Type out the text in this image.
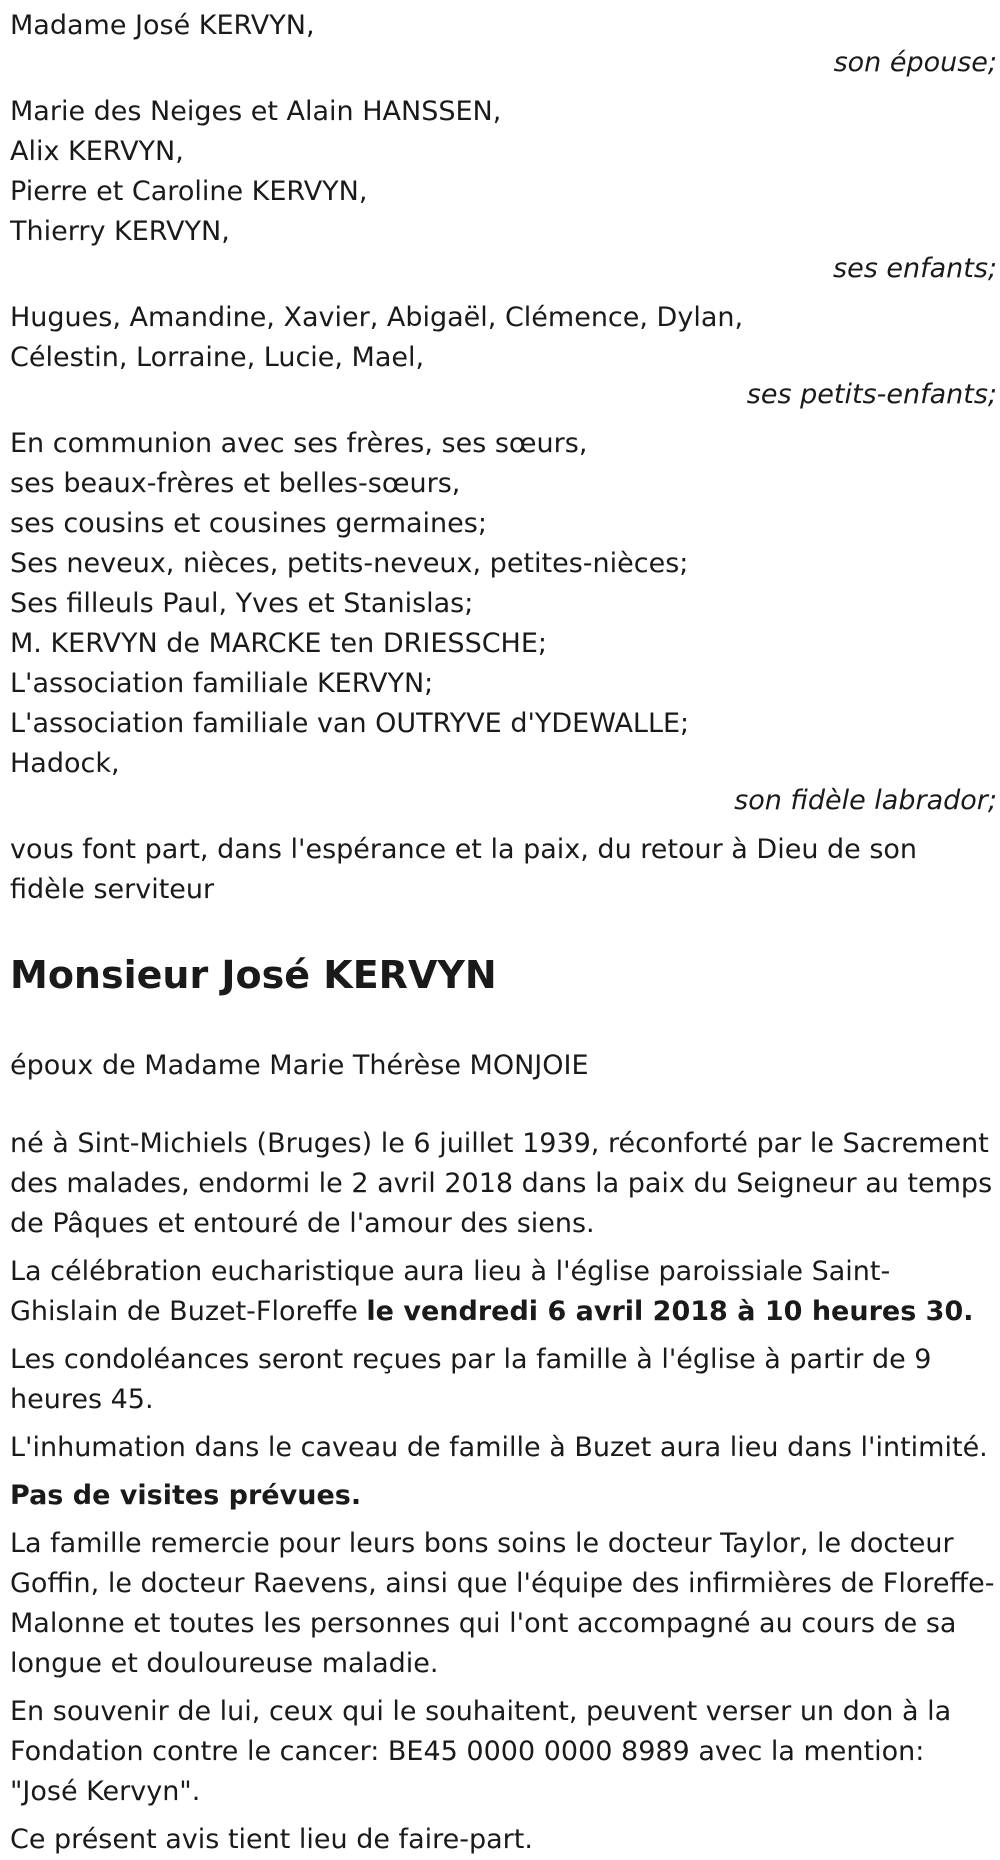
Madame José KERVYN,
son épouse;
Marie des Neiges et Alain HANSSEN,
Alix KERVYN,
Pierre et Caroline KERVYN,
Thierry KERVYN,
ses enfants;
Hugues, Amandine, Xavier, Abigaël, Clémence, Dylan,
Célestin, Lorraine, Lucie, Mael,
ses petits-enfants;
En communion avec ses frères, ses sœurs,
ses beaux-frères et belles-sœurs,
ses cousins et cousines germaines;
Ses neveux, nièces, petits-neveux, petites-nièces;
Ses filleuls Paul, Yves et Stanislas;
M. KERVYN de MARCKE ten DRIESSCHE;
L'association familiale KERVYN;
L'association familiale van OUTRYVE d'YDEWALLE;
Hadock,
son fidèle labrador;
vous font part, dans l'espérance et la paix, du retour à Dieu de son fidèle serviteur
Monsieur José KERVYN
époux de Madame Marie Thérèse MONJOIE
né à Sint-Michiels (Bruges) le 6 juillet 1939, réconforté par le Sacrement des malades, endormi le 2 avril 2018 dans la paix du Seigneur au temps de Pâques et entouré de l'amour des siens.
La célébration eucharistique aura lieu à l'église paroissiale Saint-Ghislain de Buzet-Floreffe le vendredi 6 avril 2018 à 10 heures 30.
Les condoléances seront reçues par la famille à l'église à partir de 9 heures 45.
L'inhumation dans le caveau de famille à Buzet aura lieu dans l'intimité.
Pas de visites prévues.
La famille remercie pour leurs bons soins le docteur Taylor, le docteur Goffin, le docteur Raevens, ainsi que l'équipe des infirmières de Floreffe-Malonne et toutes les personnes qui l'ont accompagné au cours de sa longue et douloureuse maladie.
En souvenir de lui, ceux qui le souhaitent, peuvent verser un don à la Fondation contre le cancer: BE45 0000 0000 8989 avec la mention: "José Kervyn".
Ce présent avis tient lieu de faire-part.
